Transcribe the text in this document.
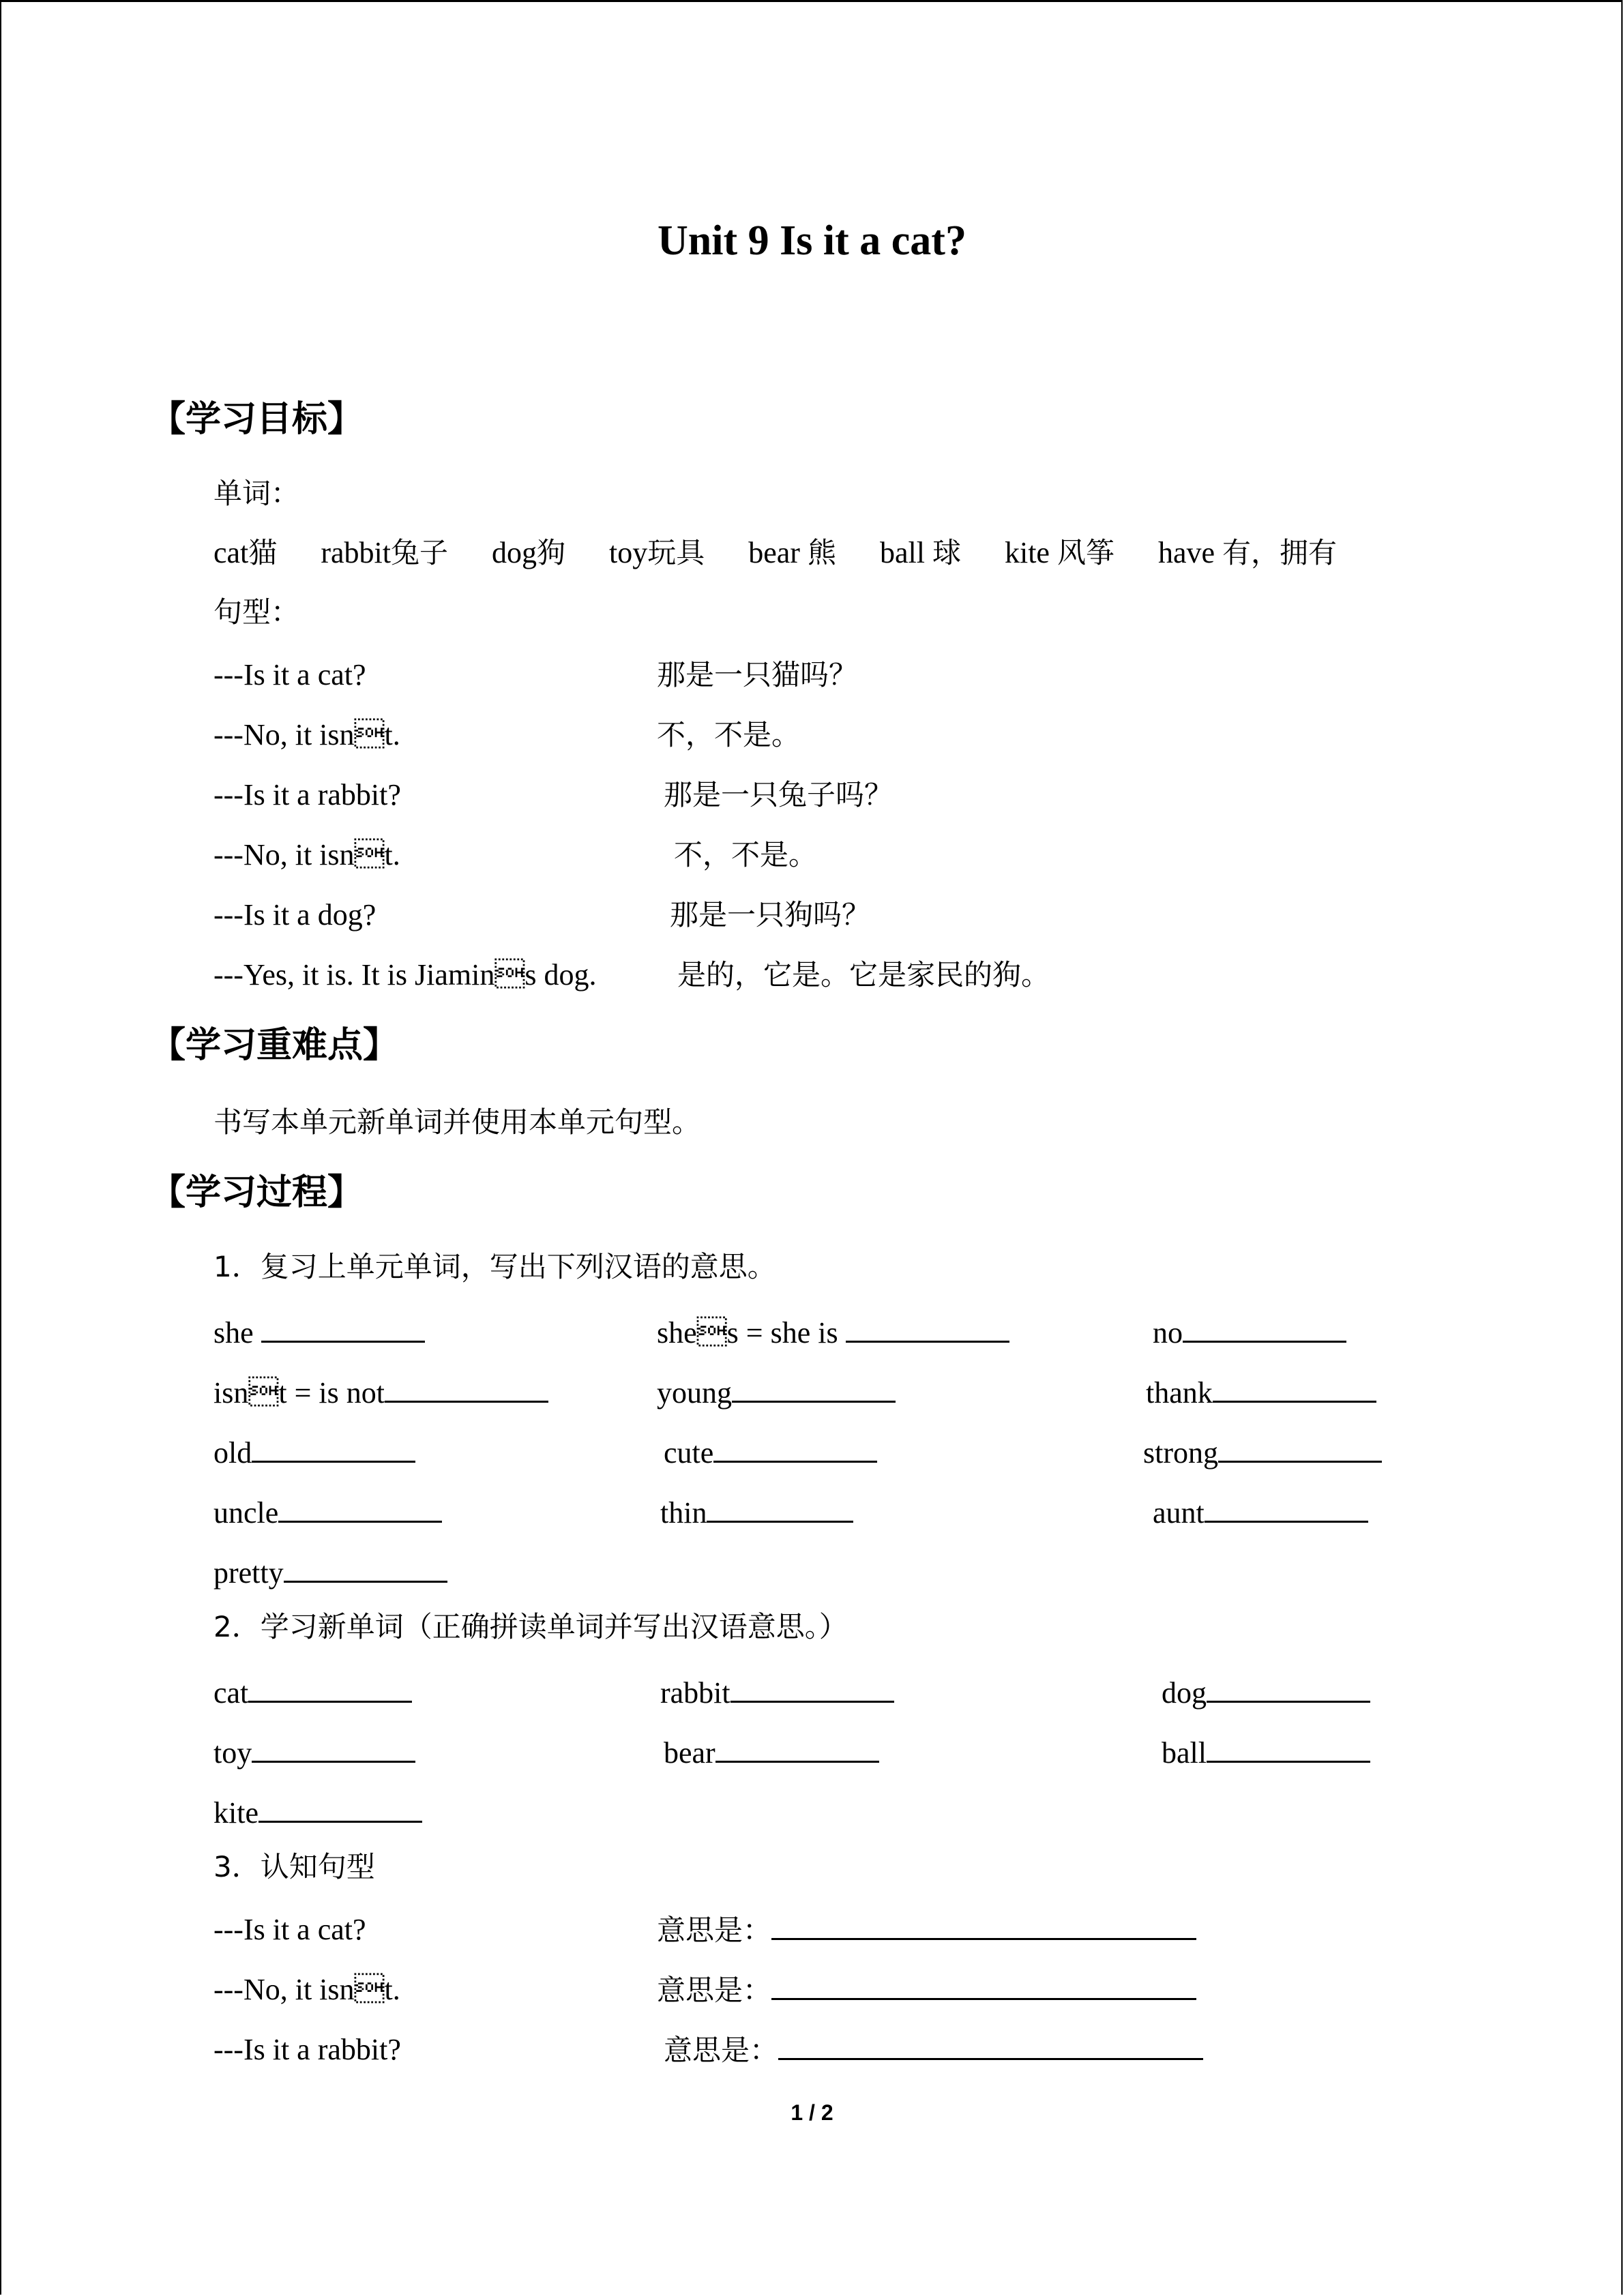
Unit 9 Is it a cat?
【学习目标】
单词：
cat猫 rabbit兔子 dog狗 toy玩具 bear 熊 ball 球 kite 风筝 have 有，拥有
句型：
---Is it a cat?	那是一只猫吗？
---No, it isnt.	不，不是。
---Is it a rabbit?	那是一只兔子吗？
---No, it isnt.	不，不是。
---Is it a dog?	那是一只狗吗？
---Yes, it is. It is Jiamins dog.	是的，它是。它是家民的狗。
【学习重难点】
书写本单元新单词并使用本单元句型。
【学习过程】
1．复习上单元单词，写出下列汉语的意思。
she	shes = she is	no
isnt = is not	young	thank
old	cute	strong
uncle	thin	aunt
pretty
2．学习新单词（正确拼读单词并写出汉语意思。）
cat	rabbit	dog
toy	bear	ball
kite
3．认知句型
---Is it a cat?	意思是：
---No, it isnt.	意思是：
---Is it a rabbit?	意思是：
1 / 2
